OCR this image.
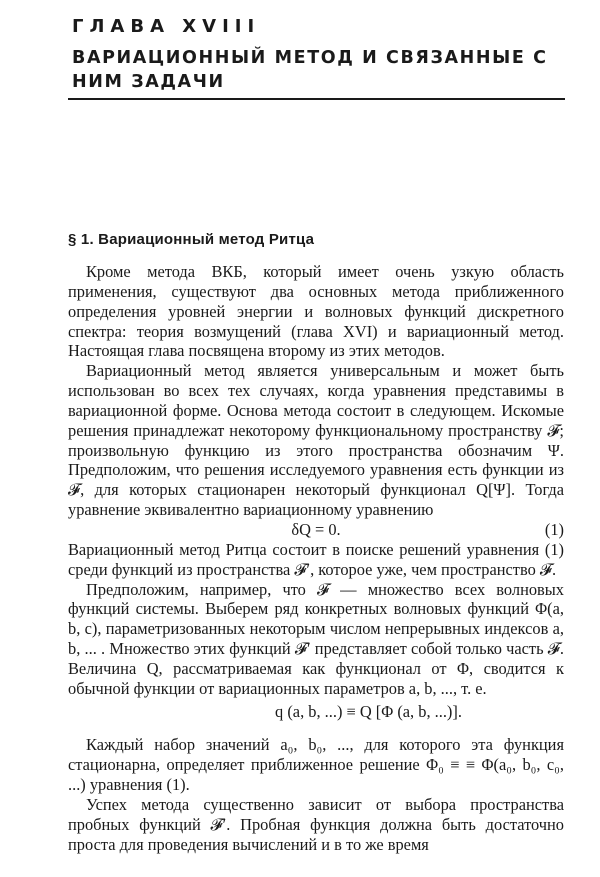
ГЛАВА XVIII
ВАРИАЦИОННЫЙ МЕТОД И СВЯЗАННЫЕ С НИМ ЗАДАЧИ
§ 1. Вариационный метод Ритца

Кроме метода ВКБ, который имеет очень узкую область применения, существуют два основных метода приближенного определения уровней энергии и волновых функций дискретного спектра: теория возмущений (глава XVI) и вариационный метод. Настоящая глава посвящена второму из этих методов.

Вариационный метод является универсальным и может быть использован во всех тех случаях, когда уравнения представимы в вариационной форме. Основа метода состоит в следующем. Искомые решения принадлежат некоторому функциональному пространству 𝓕; произвольную функцию из этого пространства обозначим Ψ. Предположим, что решения исследуемого уравнения есть функции из 𝓕, для которых стационарен некоторый функционал Q[Ψ]. Тогда уравнение эквивалентно вариационному уравнению

δQ = 0.	(1)

Вариационный метод Ритца состоит в поиске решений уравнения (1) среди функций из пространства 𝓕′, которое уже, чем пространство 𝓕.

Предположим, например, что 𝓕 — множество всех волновых функций системы. Выберем ряд конкретных волновых функций Φ(a, b, c), параметризованных некоторым числом непрерывных индексов a, b, ... . Множество этих функций 𝓕′ представляет собой только часть 𝓕. Величина Q, рассматриваемая как функционал от Φ, сводится к обычной функции от вариационных параметров a, b, ..., т. е.

q (a, b, ...) ≡ Q [Φ (a, b, ...)].

Каждый набор значений a₀, b₀, ..., для которого эта функция стационарна, определяет приближенное решение Φ₀ ≡ ≡ Φ(a₀, b₀, c₀, ...) уравнения (1).

Успех метода существенно зависит от выбора пространства пробных функций 𝓕′. Пробная функция должна быть достаточно проста для проведения вычислений и в то же время
